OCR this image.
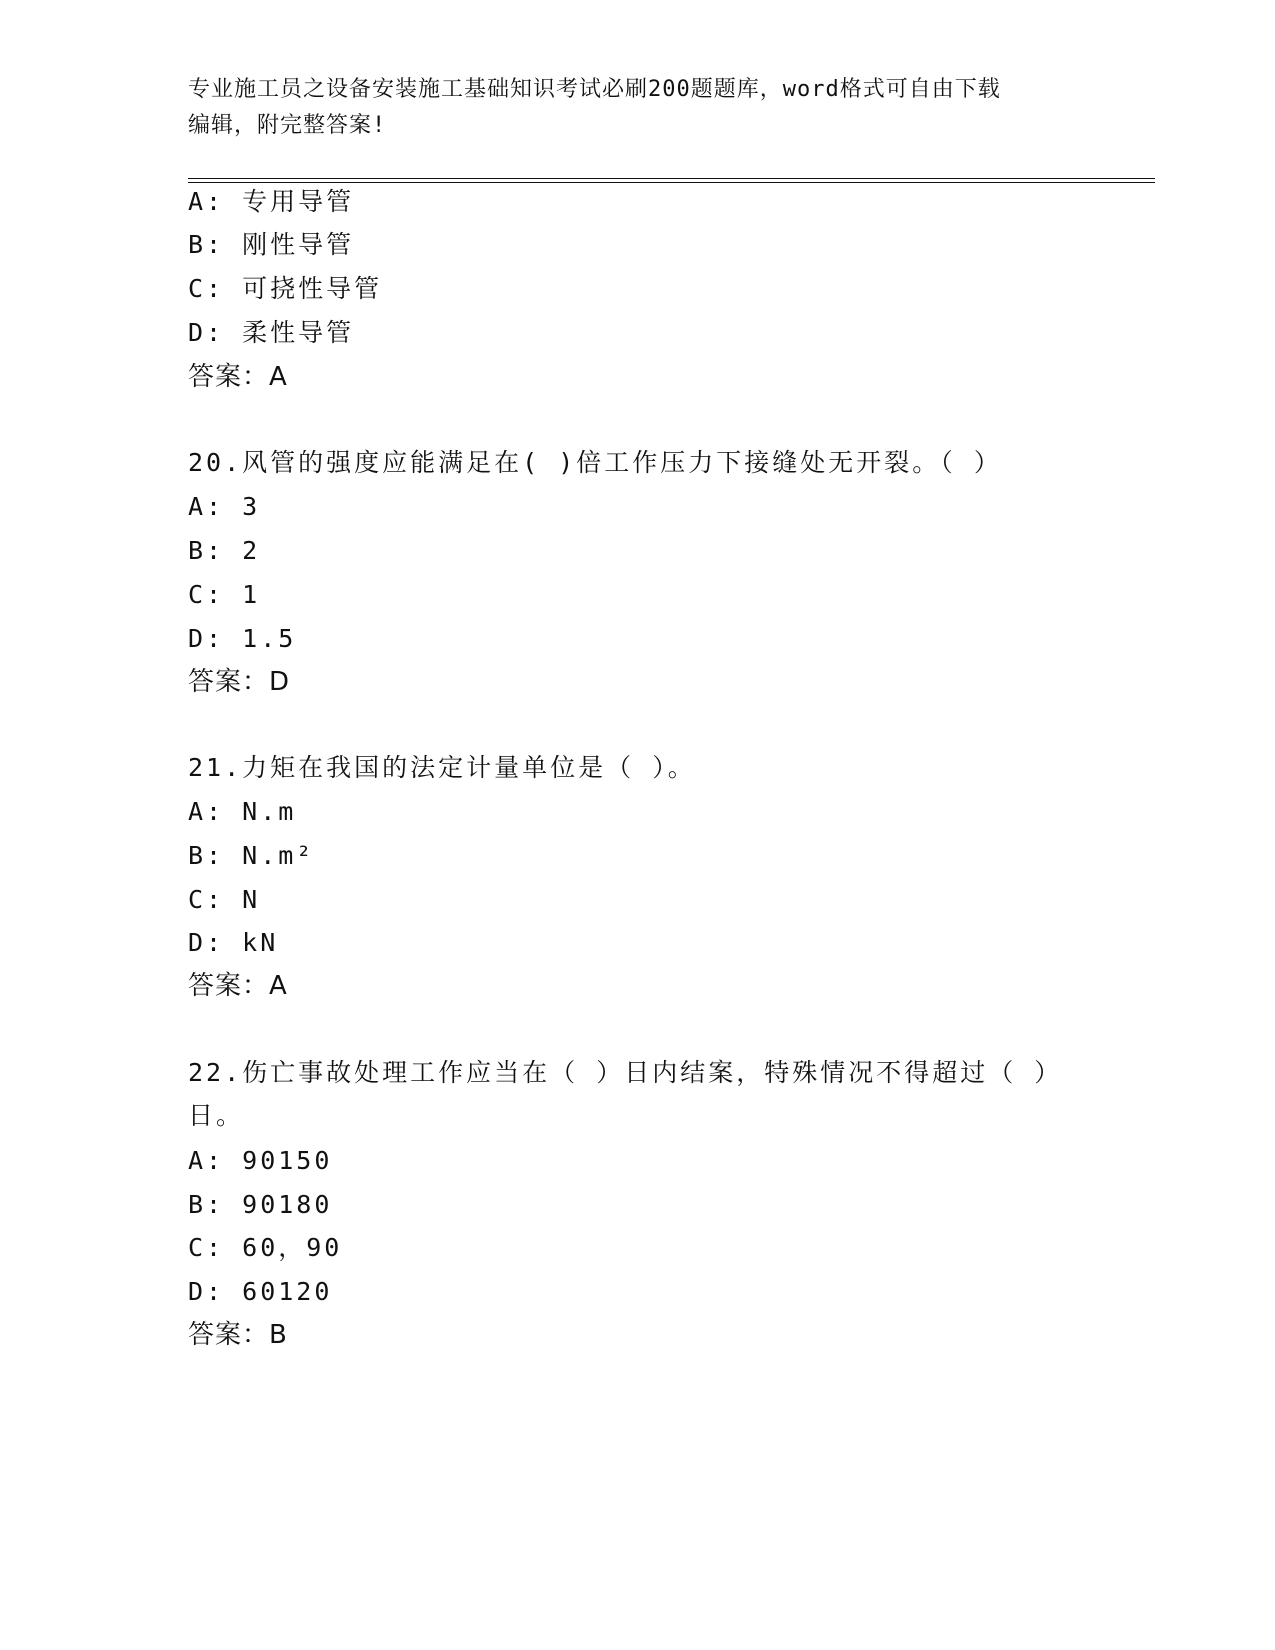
专业施工员之设备安装施工基础知识考试必刷200题题库，word格式可自由下载
编辑，附完整答案!
A: 专用导管
B: 刚性导管
C: 可挠性导管
D: 柔性导管
答案：A
20.风管的强度应能满足在( )倍工作压力下接缝处无开裂。（ ）
A: 3
B: 2
C: 1
D: 1.5
答案：D
21.力矩在我国的法定计量单位是（ ）。
A: N.m
B: N.m²
C: N
D: kN
答案：A
22.伤亡事故处理工作应当在（ ）日内结案，特殊情况不得超过（ ）
日。
A: 90150
B: 90180
C: 60，90
D: 60120
答案：B
